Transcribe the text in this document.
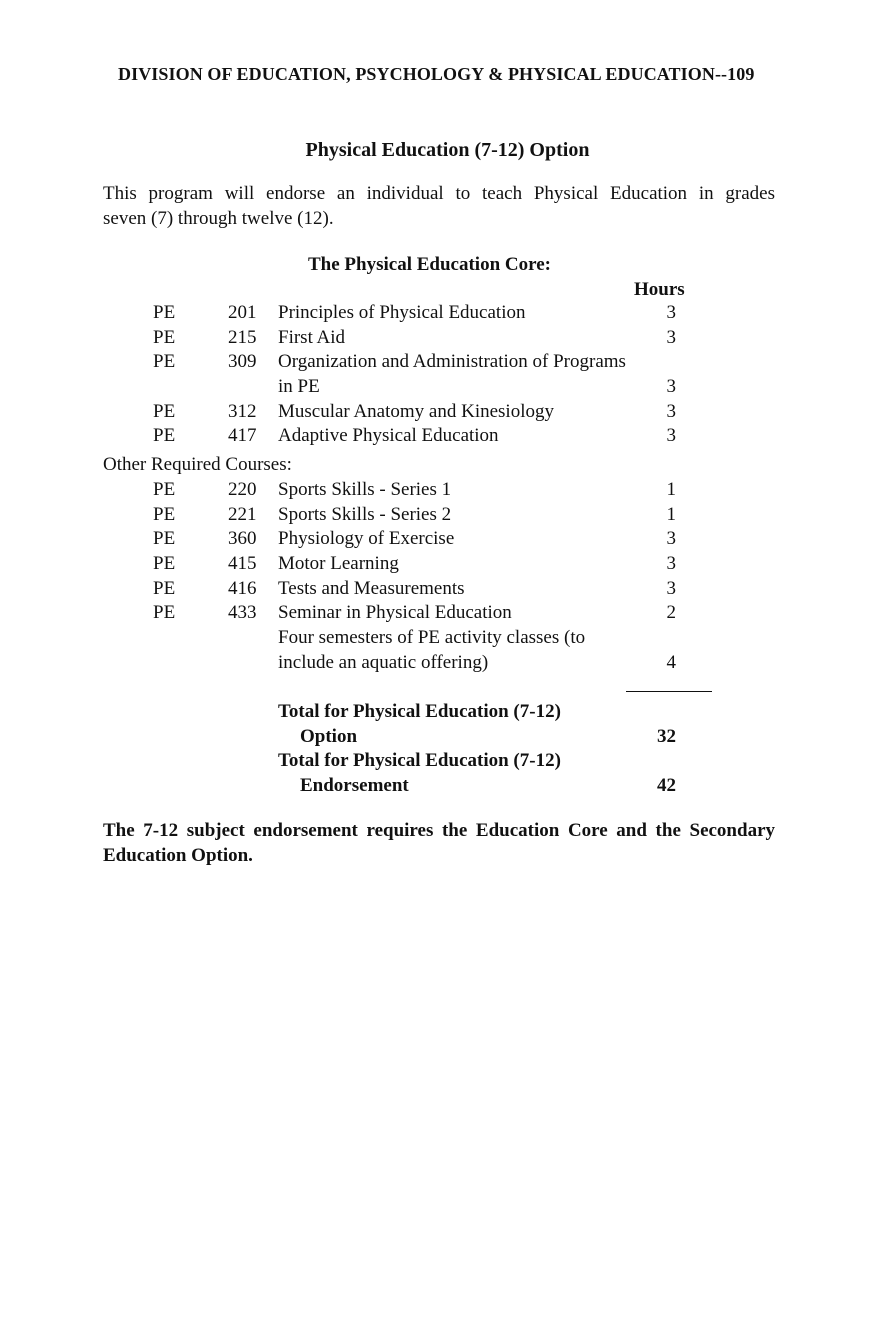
DIVISION OF EDUCATION, PSYCHOLOGY & PHYSICAL EDUCATION--109
Physical Education (7-12) Option
This program will endorse an individual to teach Physical Education in grades
seven (7) through twelve (12).
The Physical Education Core:
Hours
PE	201 Principles of Physical Education	3
PE	215 First Aid	3
PE	309 Organization and Administration of Programs
in PE	3
PE	312 Muscular Anatomy and Kinesiology	3
PE	417 Adaptive Physical Education	3
Other Required Courses:
PE	220 Sports Skills - Series 1	1
PE	221 Sports Skills - Series 2	1
PE	360 Physiology of Exercise	3
PE	415 Motor Learning	3
PE	416 Tests and Measurements	3
PE	433 Seminar in Physical Education	2
Four semesters of PE activity classes (to
include an aquatic offering)	4
Total for Physical Education (7-12)
Option	32
Total for Physical Education (7-12)
Endorsement	42
The 7-12 subject endorsement requires the Education Core and the Secondary
Education Option.
